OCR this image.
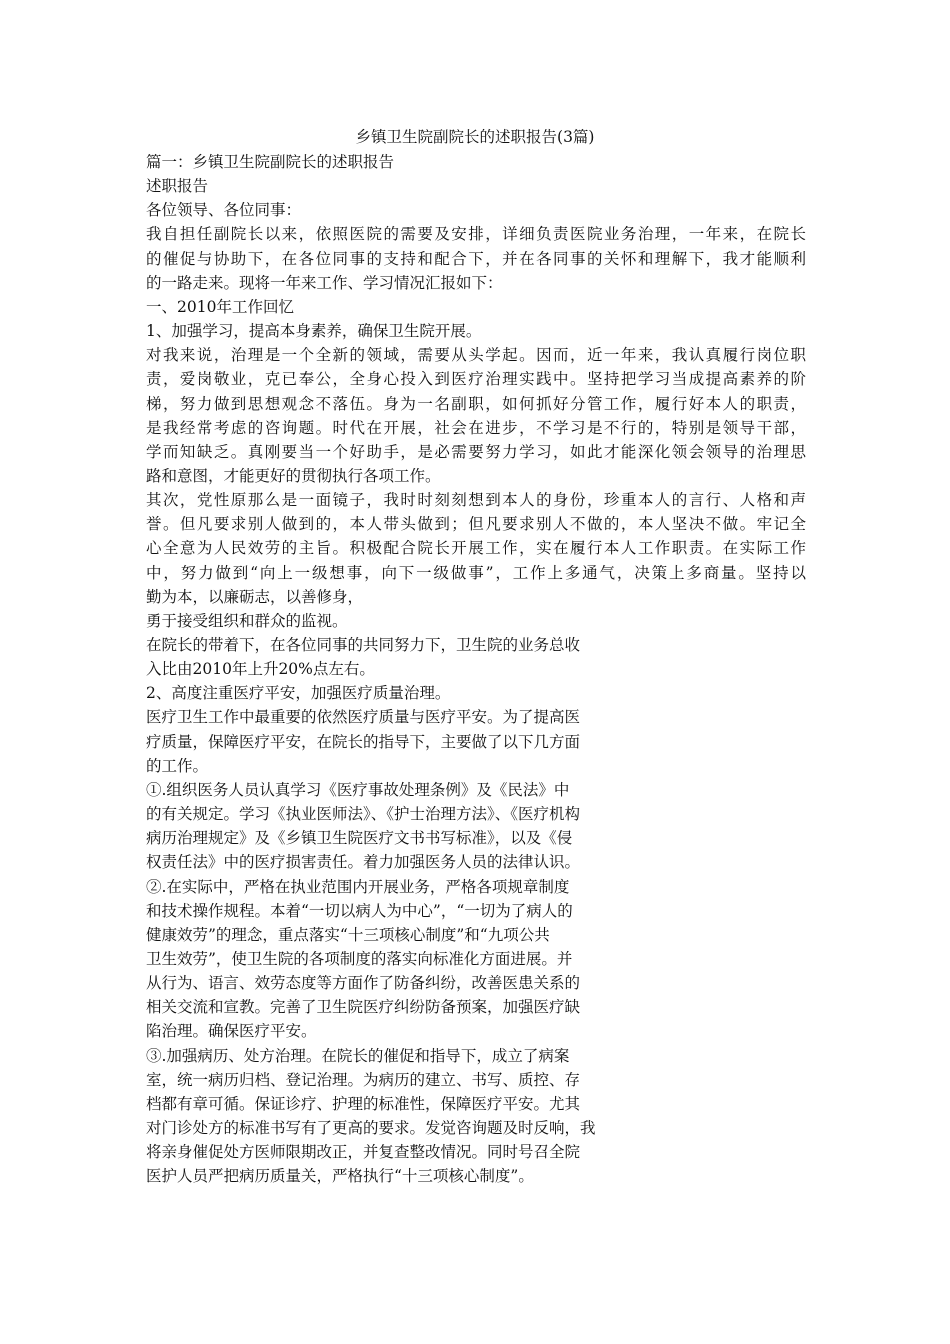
乡镇卫生院副院长的述职报告(3篇)
篇一：乡镇卫生院副院长的述职报告
述职报告
各位领导、各位同事：
我自担任副院长以来，依照医院的需要及安排，详细负责医院业务治理，一年来，在院长
的催促与协助下，在各位同事的支持和配合下，并在各同事的关怀和理解下，我才能顺利
的一路走来。现将一年来工作、学习情况汇报如下：
一、2010年工作回忆
1、加强学习，提高本身素养，确保卫生院开展。
对我来说，治理是一个全新的领域，需要从头学起。因而，近一年来，我认真履行岗位职
责，爱岗敬业，克已奉公，全身心投入到医疗治理实践中。坚持把学习当成提高素养的阶
梯，努力做到思想观念不落伍。身为一名副职，如何抓好分管工作，履行好本人的职责，
是我经常考虑的咨询题。时代在开展，社会在进步，不学习是不行的，特别是领导干部，
学而知缺乏。真刚要当一个好助手，是必需要努力学习，如此才能深化领会领导的治理思
路和意图，才能更好的贯彻执行各项工作。
其次，党性原那么是一面镜子，我时时刻刻想到本人的身份，珍重本人的言行、人格和声
誉。但凡要求别人做到的，本人带头做到；但凡要求别人不做的，本人坚决不做。牢记全
心全意为人民效劳的主旨。积极配合院长开展工作，实在履行本人工作职责。在实际工作
中，努力做到“向上一级想事，向下一级做事”，工作上多通气，决策上多商量。坚持以
勤为本，以廉砺志，以善修身，
勇于接受组织和群众的监视。
在院长的带着下，在各位同事的共同努力下，卫生院的业务总收
入比由2010年上升20%点左右。
2、高度注重医疗平安，加强医疗质量治理。
医疗卫生工作中最重要的依然医疗质量与医疗平安。为了提高医
疗质量，保障医疗平安，在院长的指导下，主要做了以下几方面
的工作。
①.组织医务人员认真学习《医疗事故处理条例》及《民法》中
的有关规定。学习《执业医师法》、《护士治理方法》、《医疗机构
病历治理规定》及《乡镇卫生院医疗文书书写标准》，以及《侵
权责任法》中的医疗损害责任。着力加强医务人员的法律认识。
②.在实际中，严格在执业范围内开展业务，严格各项规章制度
和技术操作规程。本着“一切以病人为中心”，“一切为了病人的
健康效劳”的理念，重点落实“十三项核心制度”和“九项公共
卫生效劳”，使卫生院的各项制度的落实向标准化方面进展。并
从行为、语言、效劳态度等方面作了防备纠纷，改善医患关系的
相关交流和宣教。完善了卫生院医疗纠纷防备预案，加强医疗缺
陷治理。确保医疗平安。
③.加强病历、处方治理。在院长的催促和指导下，成立了病案
室，统一病历归档、登记治理。为病历的建立、书写、质控、存
档都有章可循。保证诊疗、护理的标准性，保障医疗平安。尤其
对门诊处方的标准书写有了更高的要求。发觉咨询题及时反响，我
将亲身催促处方医师限期改正，并复查整改情况。同时号召全院
医护人员严把病历质量关，严格执行“十三项核心制度”。
